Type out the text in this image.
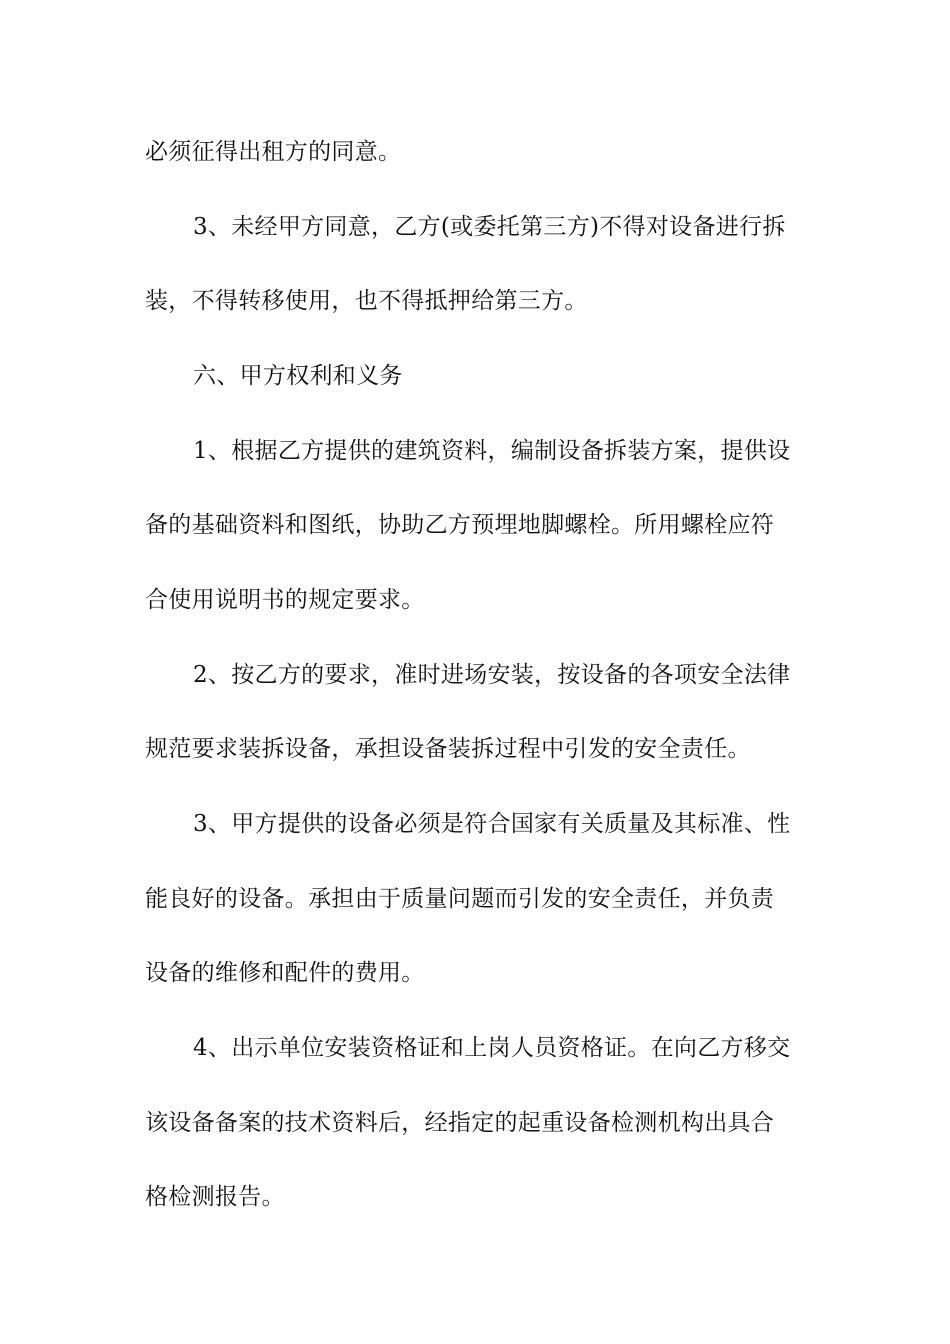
必须征得出租方的同意。
3、未经甲方同意，乙方(或委托第三方)不得对设备进行拆
装，不得转移使用，也不得抵押给第三方。
六、甲方权利和义务
1、根据乙方提供的建筑资料，编制设备拆装方案，提供设
备的基础资料和图纸，协助乙方预埋地脚螺栓。所用螺栓应符
合使用说明书的规定要求。
2、按乙方的要求，准时进场安装，按设备的各项安全法律
规范要求装拆设备，承担设备装拆过程中引发的安全责任。
3、甲方提供的设备必须是符合国家有关质量及其标准、性
能良好的设备。承担由于质量问题而引发的安全责任，并负责
设备的维修和配件的费用。
4、出示单位安装资格证和上岗人员资格证。在向乙方移交
该设备备案的技术资料后，经指定的起重设备检测机构出具合
格检测报告。
